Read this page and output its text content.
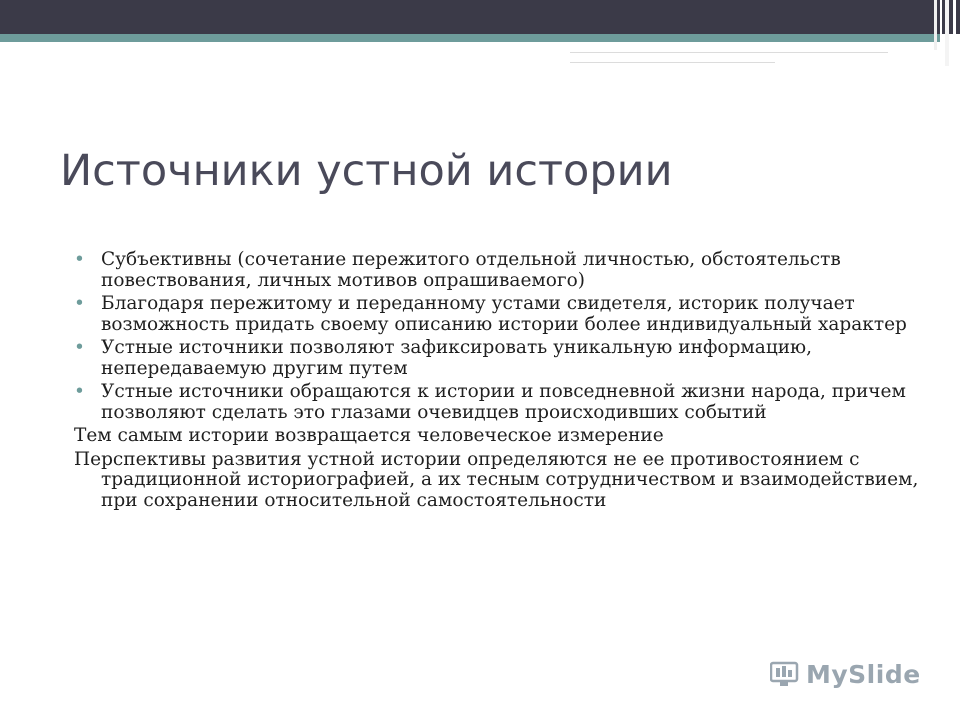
Источники устной истории
• Субъективны (сочетание пережитого отдельной личностью, обстоятельств повествования, личных мотивов опрашиваемого)
• Благодаря пережитому и переданному устами свидетеля, историк получает возможность придать своему описанию истории более индивидуальный характер
• Устные источники позволяют зафиксировать уникальную информацию, непередаваемую другим путем
• Устные источники обращаются к истории и повседневной жизни народа, причем позволяют сделать это глазами очевидцев происходивших событий

Тем самым истории возвращается человеческое измерение

Перспективы развития устной истории определяются не ее противостоянием с традиционной историографией, а их тесным сотрудничеством и взаимодействием, при сохранении относительной самостоятельности

MySlide
